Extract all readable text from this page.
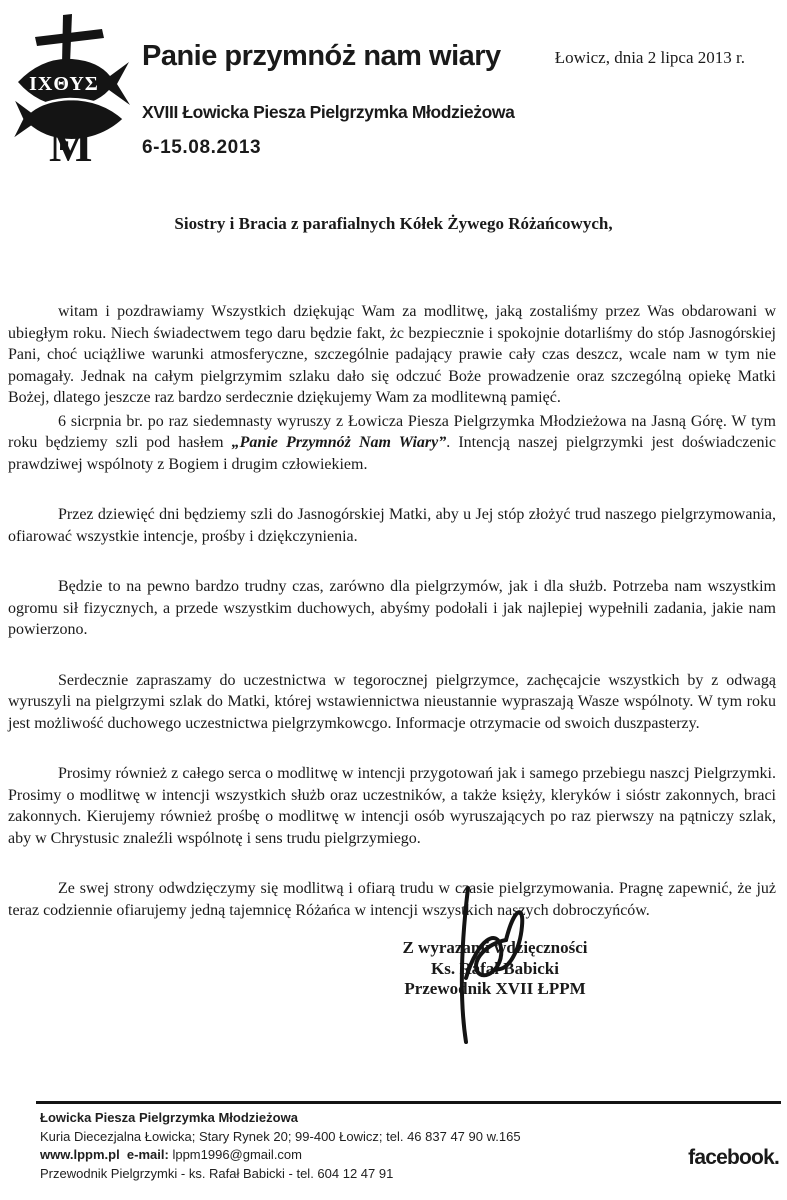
ΙΧΘΥΣ
M
Panie przymnóż nam wiary	Łowicz, dnia 2 lipca 2013 r.
XVIII Łowicka Piesza Pielgrzymka Młodzieżowa
6-15.08.2013
Siostry i Bracia z parafialnych Kółek Żywego Różańcowych,

witam i pozdrawiamy Wszystkich dziękując Wam za modlitwę, jaką zostaliśmy przez Was obdarowani w ubiegłym roku. Niech świadectwem tego daru będzie fakt, żc bezpiecznie i spokojnie dotarliśmy do stóp Jasnogórskiej Pani, choć uciążliwe warunki atmosferyczne, szczególnie padający prawie cały czas deszcz, wcale nam w tym nie pomagały. Jednak na całym pielgrzymim szlaku dało się odczuć Boże prowadzenie oraz szczególną opiekę Matki Bożej, dlatego jeszcze raz bardzo serdecznie dziękujemy Wam za modlitewną pamięć.

6 sicrpnia br. po raz siedemnasty wyruszy z Łowicza Piesza Pielgrzymka Młodzieżowa na Jasną Górę. W tym roku będziemy szli pod hasłem „Panie Przymnóż Nam Wiary”. Intencją naszej pielgrzymki jest doświadczenic prawdziwej wspólnoty z Bogiem i drugim człowiekiem.

Przez dziewięć dni będziemy szli do Jasnogórskiej Matki, aby u Jej stóp złożyć trud naszego pielgrzymowania, ofiarować wszystkie intencje, prośby i dziękczynienia.

Będzie to na pewno bardzo trudny czas, zarówno dla pielgrzymów, jak i dla służb. Potrzeba nam wszystkim ogromu sił fizycznych, a przede wszystkim duchowych, abyśmy podołali i jak najlepiej wypełnili zadania, jakie nam powierzono.

Serdecznie zapraszamy do uczestnictwa w tegorocznej pielgrzymce, zachęcajcie wszystkich by z odwagą wyruszyli na pielgrzymi szlak do Matki, której wstawiennictwa nieustannie wypraszają Wasze wspólnoty. W tym roku jest możliwość duchowego uczestnictwa pielgrzymkowcgo. Informacje otrzymacie od swoich duszpasterzy.

Prosimy również z całego serca o modlitwę w intencji przygotowań jak i samego przebiegu naszcj Pielgrzymki. Prosimy o modlitwę w intencji wszystkich służb oraz uczestników, a także księży, kleryków i sióstr zakonnych, braci zakonnych. Kierujemy również prośbę o modlitwę w intencji osób wyruszających po raz pierwszy na pątniczy szlak, aby w Chrystusic znaleźli wspólnotę i sens trudu pielgrzymiego.

Ze swej strony odwdzięczymy się modlitwą i ofiarą trudu w czasie pielgrzymowania. Pragnę zapewnić, że już teraz codziennie ofiarujemy jedną tajemnicę Różańca w intencji wszystkich naszych dobroczyńców.

Z wyrazami wdzięczności
Ks. Rafał Babicki
Przewodnik XVII ŁPPM
Łowicka Piesza Pielgrzymka Młodzieżowa
Kuria Diecezjalna Łowicka; Stary Rynek 20; 99-400 Łowicz; tel. 46 837 47 90 w.165
www.lppm.pl e-mail: lppm1996@gmail.com
Przewodnik Pielgrzymki - ks. Rafał Babicki - tel. 604 12 47 91
facebook.
